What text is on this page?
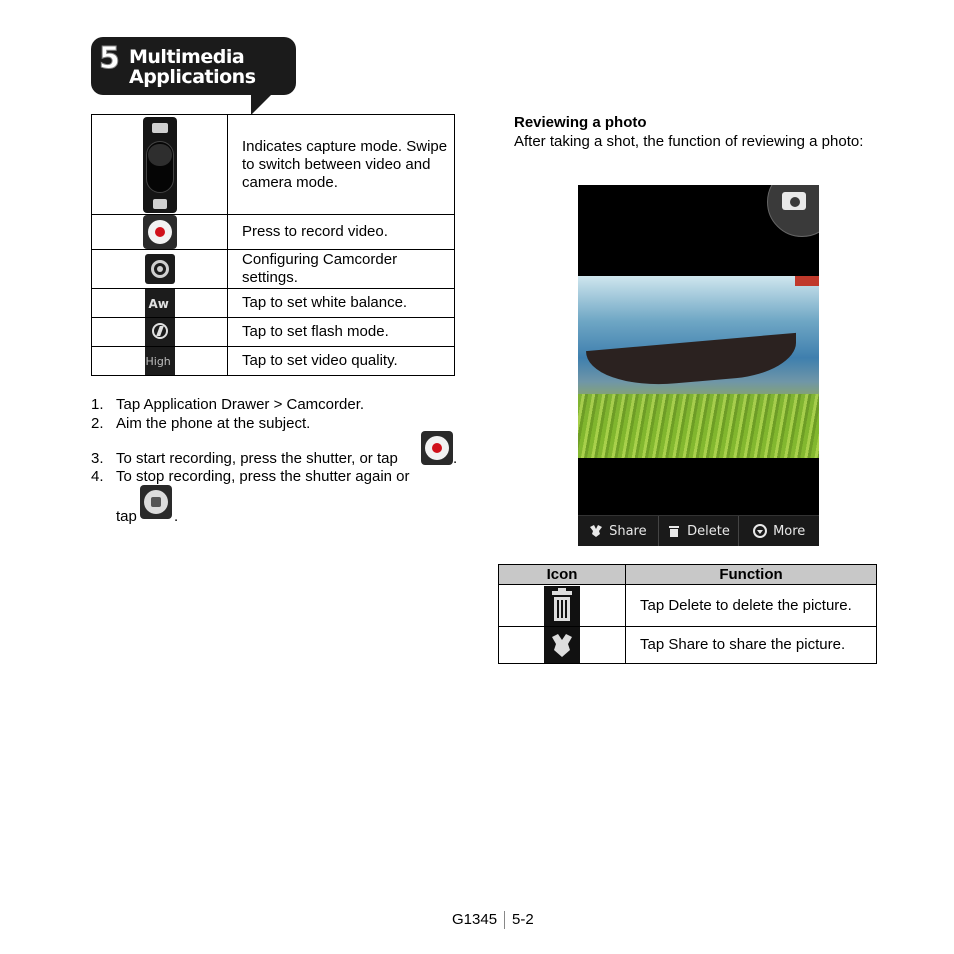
5 Multimedia
Applications
	Indicates capture mode. Swipe to switch between video and camera mode.

	Press to record video.

	Configuring Camcorder settings.

Aw	Tap to set white balance.

	Tap to set flash mode.

High	Tap to set video quality.
1. Tap Application Drawer > Camcorder.
2. Aim the phone at the subject.
3. To start recording, press the shutter, or tap	.
4. To stop recording, press the shutter again or
tap .
Reviewing a photo
After taking a shot, the function of reviewing a photo:
Share	Delete	More
Icon	Function

	Tap Delete to delete the picture.

	Tap Share to share the picture.
G1345 5-2
